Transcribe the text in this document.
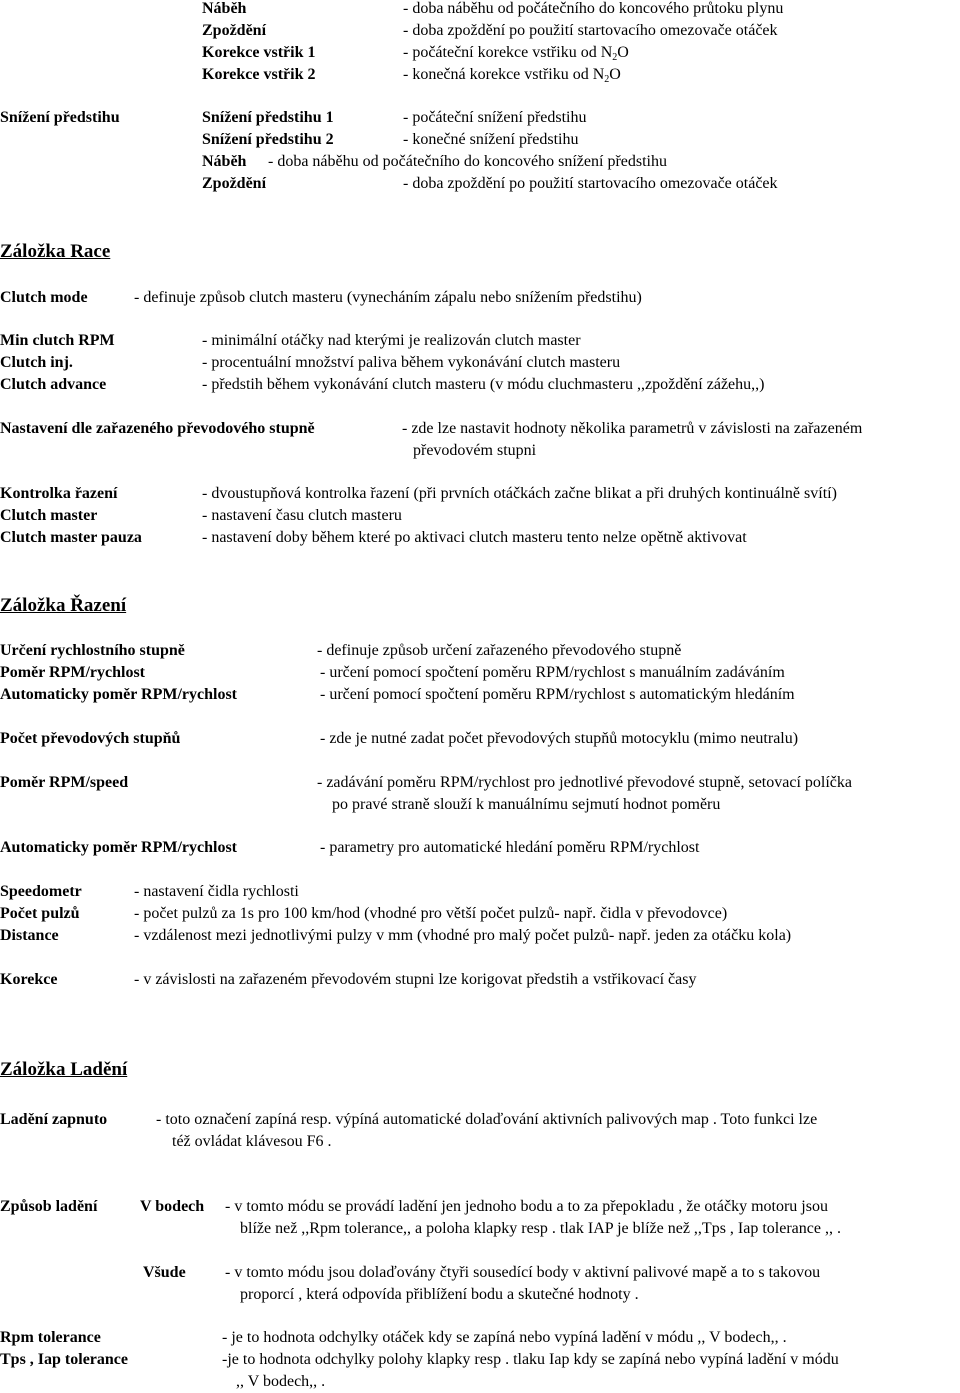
Náběh	- doba náběhu od počátečního do koncového průtoku plynu
Zpoždění	- doba zpoždění po použití startovacího omezovače otáček
Korekce vstřik 1	- počáteční korekce vstřiku od N2O
Korekce vstřik 2	- konečná korekce vstřiku od N2O
Snížení předstihu	Snížení předstihu 1	- počáteční snížení předstihu
Snížení předstihu 2	- konečné snížení předstihu
Náběh - doba náběhu od počátečního do koncového snížení předstihu
Zpoždění	- doba zpoždění po použití startovacího omezovače otáček
Záložka Race
Clutch mode	- definuje způsob clutch masteru (vynecháním zápalu nebo snížením předstihu)
Min clutch RPM	- minimální otáčky nad kterými je realizován clutch master
Clutch inj.	- procentuální množství paliva během vykonávání clutch masteru
Clutch advance	- předstih během vykonávání clutch masteru (v módu cluchmasteru ,,zpoždění zážehu,,)
Nastavení dle zařazeného převodového stupně	- zde lze nastavit hodnoty několika parametrů v závislosti na zařazeném
převodovém stupni
Kontrolka řazení	- dvoustupňová kontrolka řazení (při prvních otáčkách začne blikat a při druhých kontinuálně svítí)
Clutch master	- nastavení času clutch masteru
Clutch master pauza	- nastavení doby během které po aktivaci clutch masteru tento nelze opětně aktivovat
Záložka Řazení
Určení rychlostního stupně	- definuje způsob určení zařazeného převodového stupně
Poměr RPM/rychlost	- určení pomocí spočtení poměru RPM/rychlost s manuálním zadáváním
Automaticky poměr RPM/rychlost	- určení pomocí spočtení poměru RPM/rychlost s automatickým hledáním
Počet převodových stupňů	- zde je nutné zadat počet převodových stupňů motocyklu (mimo neutralu)
Poměr RPM/speed	- zadávání poměru RPM/rychlost pro jednotlivé převodové stupně, setovací políčka
po pravé straně slouží k manuálnímu sejmutí hodnot poměru
Automaticky poměr RPM/rychlost	- parametry pro automatické hledání poměru RPM/rychlost
Speedometr	- nastavení čidla rychlosti
Počet pulzů	- počet pulzů za 1s pro 100 km/hod (vhodné pro větší počet pulzů- např. čidla v převodovce)
Distance	- vzdálenost mezi jednotlivými pulzy v mm (vhodné pro malý počet pulzů- např. jeden za otáčku kola)
Korekce	- v závislosti na zařazeném převodovém stupni lze korigovat předstih a vstřikovací časy
Záložka Ladění
Ladění zapnuto	- toto označení zapíná resp. výpíná automatické dolaďování aktivních palivových map . Toto funkci lze
též ovládat klávesou F6 .
Způsob ladění	V bodech - v tomto módu se provádí ladění jen jednoho bodu a to za přepokladu , že otáčky motoru jsou
blíže než ,,Rpm tolerance,, a poloha klapky resp . tlak IAP je blíže než ,,Tps , Iap tolerance ,, .
Všude - v tomto módu jsou dolaďovány čtyři sousedící body v aktivní palivové mapě a to s takovou
proporcí , která odpovída přiblížení bodu a skutečné hodnoty .
Rpm tolerance	- je to hodnota odchylky otáček kdy se zapíná nebo vypíná ladění v módu ,, V bodech,, .
Tps , Iap tolerance	-je to hodnota odchylky polohy klapky resp . tlaku Iap kdy se zapíná nebo vypíná ladění v módu
,, V bodech,, .
